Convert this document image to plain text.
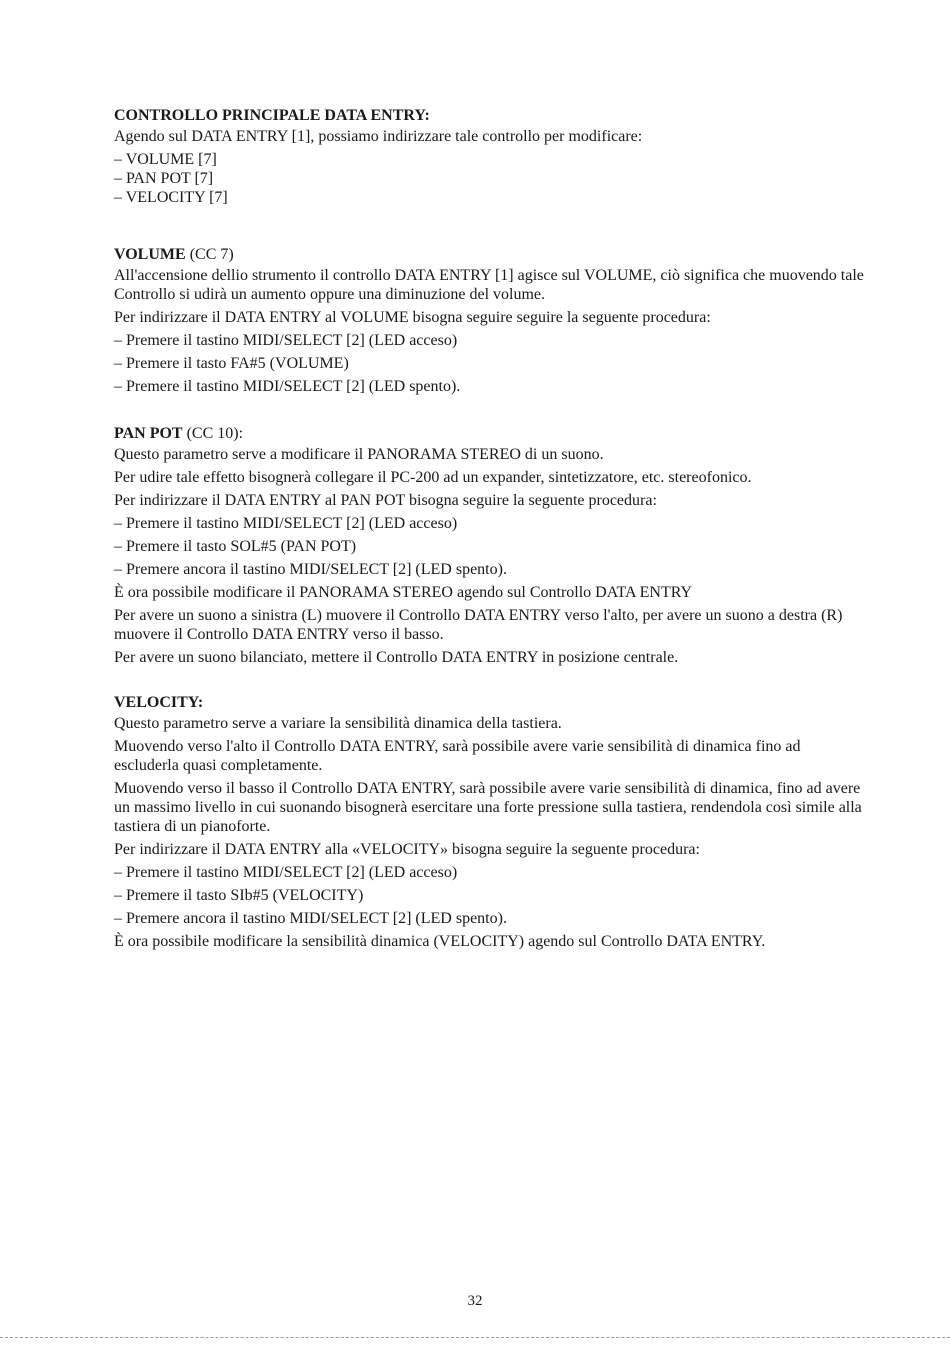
CONTROLLO PRINCIPALE DATA ENTRY:

Agendo sul DATA ENTRY [1], possiamo indirizzare tale controllo per modificare:

– VOLUME [7]
– PAN POT [7]
– VELOCITY [7]
VOLUME (CC 7)

All'accensione dellio strumento il controllo DATA ENTRY [1] agisce sul VOLUME, ciò significa che muovendo tale Controllo si udirà un aumento oppure una diminuzione del volume.

Per indirizzare il DATA ENTRY al VOLUME bisogna seguire seguire la seguente procedura:

– Premere il tastino MIDI/SELECT [2] (LED acceso)
– Premere il tasto FA#5 (VOLUME)
– Premere il tastino MIDI/SELECT [2] (LED spento).
PAN POT (CC 10):

Questo parametro serve a modificare il PANORAMA STEREO di un suono.

Per udire tale effetto bisognerà collegare il PC-200 ad un expander, sintetizzatore, etc. stereofonico.

Per indirizzare il DATA ENTRY al PAN POT bisogna seguire la seguente procedura:

– Premere il tastino MIDI/SELECT [2] (LED acceso)
– Premere il tasto SOL#5 (PAN POT)
– Premere ancora il tastino MIDI/SELECT [2] (LED spento).

È ora possibile modificare il PANORAMA STEREO agendo sul Controllo DATA ENTRY

Per avere un suono a sinistra (L) muovere il Controllo DATA ENTRY verso l'alto, per avere un suono a destra (R) muovere il Controllo DATA ENTRY verso il basso.

Per avere un suono bilanciato, mettere il Controllo DATA ENTRY in posizione centrale.

VELOCITY:

Questo parametro serve a variare la sensibilità dinamica della tastiera.

Muovendo verso l'alto il Controllo DATA ENTRY, sarà possibile avere varie sensibilità di dinamica fino ad escluderla quasi completamente.

Muovendo verso il basso il Controllo DATA ENTRY, sarà possibile avere varie sensibilità di dinamica, fino ad avere un massimo livello in cui suonando bisognerà esercitare una forte pressione sulla tastiera, rendendola così simile alla tastiera di un pianoforte.

Per indirizzare il DATA ENTRY alla «VELOCITY» bisogna seguire la seguente procedura:

– Premere il tastino MIDI/SELECT [2] (LED acceso)
– Premere il tasto SIb#5 (VELOCITY)
– Premere ancora il tastino MIDI/SELECT [2] (LED spento).

È ora possibile modificare la sensibilità dinamica (VELOCITY) agendo sul Controllo DATA ENTRY.

32
